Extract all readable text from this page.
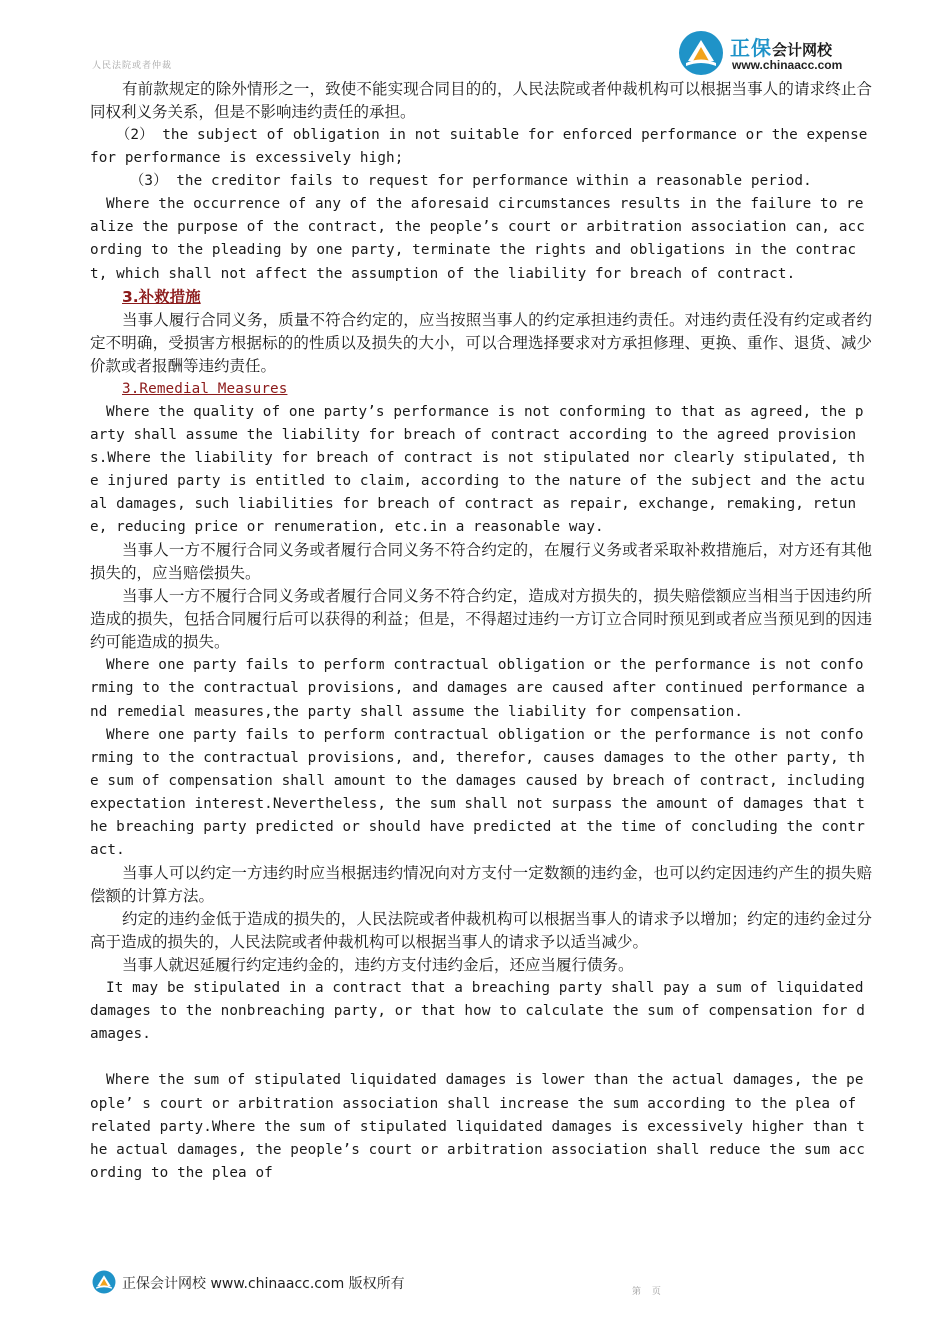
人民法院或者仲裁
正保会计网校
www.chinaacc.com

有前款规定的除外情形之一，致使不能实现合同目的的，人民法院或者仲裁机构可以根据当事人的请求终止合同权利义务关系，但是不影响违约责任的承担。

（2） the subject of obligation in not suitable for enforced performance or the expense for performance is excessively high;

（3） the creditor fails to request for performance within a reasonable period.

Where the occurrence of any of the aforesaid circumstances results in the failure to realize the purpose of the contract, the people’s court or arbitration association can, according to the pleading by one party, terminate the rights and obligations in the contract, which shall not affect the assumption of the liability for breach of contract.

3.补救措施

当事人履行合同义务，质量不符合约定的，应当按照当事人的约定承担违约责任。对违约责任没有约定或者约定不明确，受损害方根据标的的性质以及损失的大小，可以合理选择要求对方承担修理、更换、重作、退货、减少价款或者报酬等违约责任。

3.Remedial Measures

Where the quality of one party’s performance is not conforming to that as agreed, the party shall assume the liability for breach of contract according to the agreed provisions.Where the liability for breach of contract is not stipulated nor clearly stipulated, the injured party is entitled to claim, according to the nature of the subject and the actual damages, such liabilities for breach of contract as repair, exchange, remaking, retune, reducing price or renumeration, etc.in a reasonable way.

当事人一方不履行合同义务或者履行合同义务不符合约定的，在履行义务或者采取补救措施后，对方还有其他损失的，应当赔偿损失。

当事人一方不履行合同义务或者履行合同义务不符合约定，造成对方损失的，损失赔偿额应当相当于因违约所造成的损失，包括合同履行后可以获得的利益；但是，不得超过违约一方订立合同时预见到或者应当预见到的因违约可能造成的损失。

Where one party fails to perform contractual obligation or the performance is not conforming to the contractual provisions, and damages are caused after continued performance and remedial measures,the party shall assume the liability for compensation.

Where one party fails to perform contractual obligation or the performance is not conforming to the contractual provisions, and, therefor, causes damages to the other party, the sum of compensation shall amount to the damages caused by breach of contract, including expectation interest.Nevertheless, the sum shall not surpass the amount of damages that the breaching party predicted or should have predicted at the time of concluding the contract.

当事人可以约定一方违约时应当根据违约情况向对方支付一定数额的违约金，也可以约定因违约产生的损失赔偿额的计算方法。

约定的违约金低于造成的损失的，人民法院或者仲裁机构可以根据当事人的请求予以增加；约定的违约金过分高于造成的损失的，人民法院或者仲裁机构可以根据当事人的请求予以适当减少。

当事人就迟延履行约定违约金的，违约方支付违约金后，还应当履行债务。

It may be stipulated in a contract that a breaching party shall pay a sum of liquidated damages to the nonbreaching party, or that how to calculate the sum of compensation for damages.

Where the sum of stipulated liquidated damages is lower than the actual damages, the people’ s court or arbitration association shall increase the sum according to the plea of related party.Where the sum of stipulated liquidated damages is excessively higher than the actual damages, the people’s court or arbitration association shall reduce the sum according to the plea of

正保会计网校 www.chinaacc.com 版权所有	第 页
